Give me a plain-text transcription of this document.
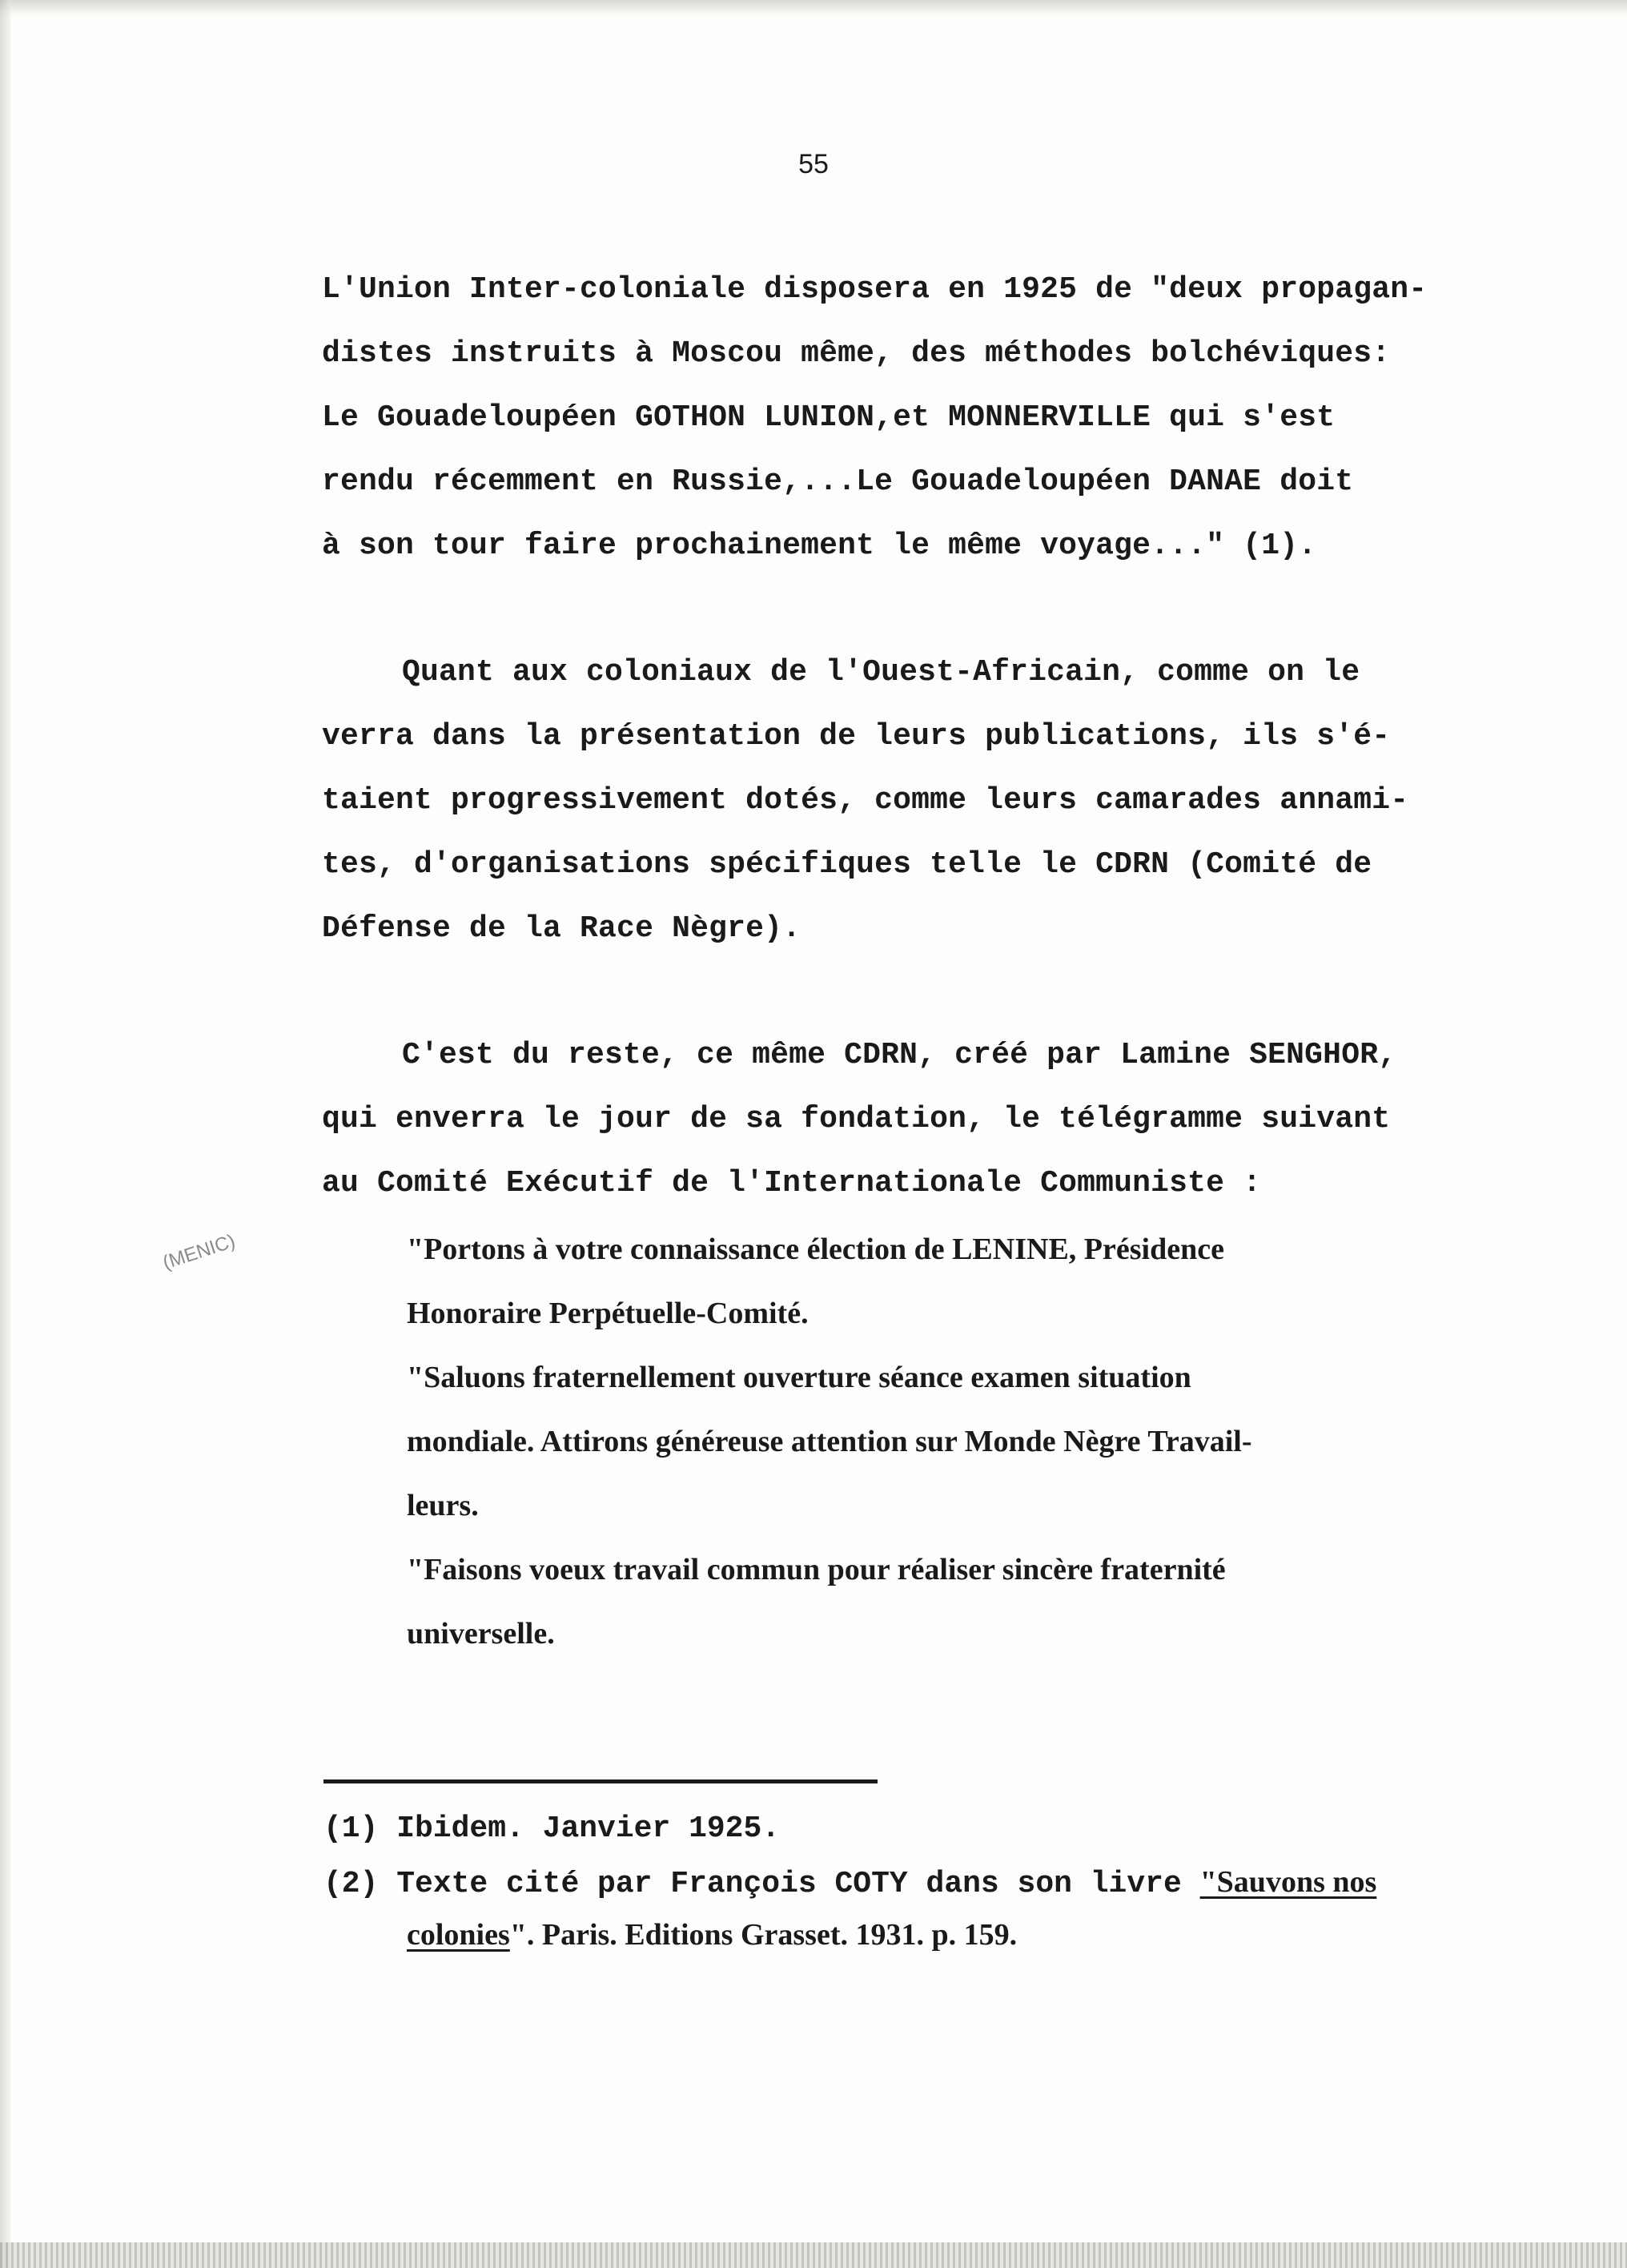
55
L'Union Inter-coloniale disposera en 1925 de "deux propagan-
distes instruits à Moscou même, des méthodes bolchéviques:
Le Gouadeloupéen GOTHON LUNION,et MONNERVILLE qui s'est
rendu récemment en Russie,...Le Gouadeloupéen DANAE doit
à son tour faire prochainement le même voyage..." (1).
Quant aux coloniaux de l'Ouest-Africain, comme on le
verra dans la présentation de leurs publications, ils s'é-
taient progressivement dotés, comme leurs camarades annami-
tes, d'organisations spécifiques telle le CDRN (Comité de
Défense de la Race Nègre).
C'est du reste, ce même CDRN, créé par Lamine SENGHOR,
qui enverra le jour de sa fondation, le télégramme suivant
au Comité Exécutif de l'Internationale Communiste :
"Portons à votre connaissance élection de LENINE, Présidence
Honoraire Perpétuelle-Comité.
"Saluons fraternellement ouverture séance examen situation
mondiale. Attirons généreuse attention sur Monde Nègre Travail-
leurs.
"Faisons voeux travail commun pour réaliser sincère fraternité
universelle.
(MENIC)
(1) Ibidem. Janvier 1925.
(2) Texte cité par François COTY dans son livre "Sauvons nos
colonies". Paris. Editions Grasset. 1931. p. 159.
